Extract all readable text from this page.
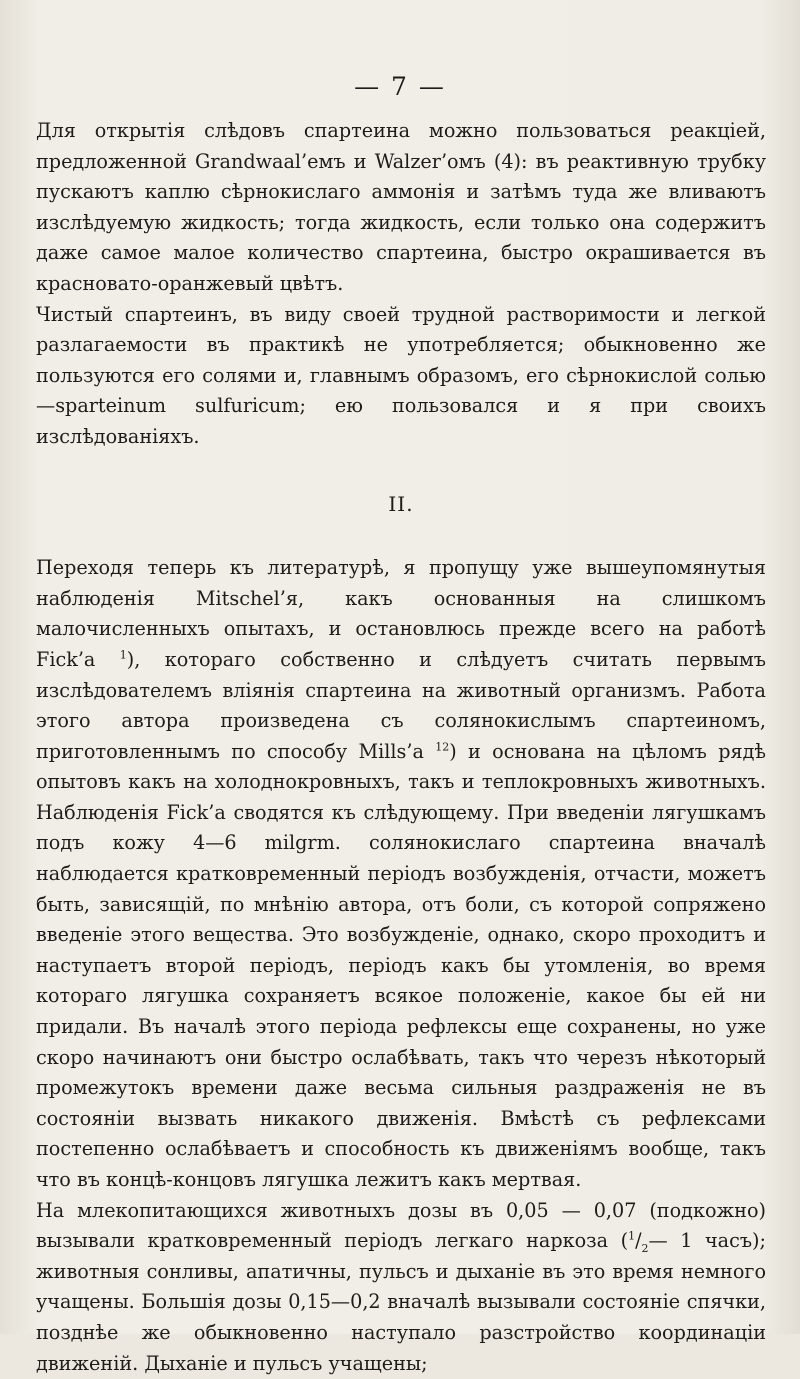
— 7 —

Для открытія слѣдовъ спартеина можно пользоваться реакціей, предложенной Grandwaal’емъ и Walzer’омъ (4): въ реактивную трубку пускаютъ каплю сѣрнокислаго аммонія и затѣмъ туда же вливаютъ изслѣдуемую жидкость; тогда жидкость, если только она содержитъ даже самое малое количество спартеина, быстро окрашивается въ красновато-оранжевый цвѣтъ.

Чистый спартеинъ, въ виду своей трудной растворимости и легкой разлагаемости въ практикѣ не употребляется; обыкновенно же пользуются его солями и, главнымъ образомъ, его сѣрнокислой солью—spartеinum sulfuricum; ею пользовался и я при своихъ изслѣдованіяхъ.

II.

Переходя теперь къ литературѣ, я пропущу уже вышеупомянутыя наблюденія Mitschel’я, какъ основанныя на слишкомъ малочисленныхъ опытахъ, и остановлюсь прежде всего на работѣ Fick’a $^1$), котораго собственно и слѣдуетъ считать первымъ изслѣдователемъ вліянія спартеина на животный организмъ. Работа этого автора произведена съ солянокислымъ спартеиномъ, приготовленнымъ по способу Mills’a $^{12}$) и основана на цѣломъ рядѣ опытовъ какъ на холоднокровныхъ, такъ и теплокровныхъ животныхъ. Наблюденія Fick’a сводятся къ слѣдующему. При введеніи лягушкамъ подъ кожу 4—6 milgrm. солянокислаго спартеина вначалѣ наблюдается кратковременный періодъ возбужденія, отчасти, можетъ быть, зависящій, по мнѣнію автора, отъ боли, съ которой сопряжено введеніе этого вещества. Это возбужденіе, однако, скоро проходитъ и наступаетъ второй періодъ, періодъ какъ бы утомленія, во время котораго лягушка сохраняетъ всякое положеніе, какое бы ей ни придали. Въ началѣ этого періода рефлексы еще сохранены, но уже скоро начинаютъ они быстро ослабѣвать, такъ что черезъ нѣкоторый промежутокъ времени даже весьма сильныя раздраженія не въ состояніи вызвать никакого движенія. Вмѣстѣ съ рефлексами постепенно ослабѣваетъ и способность къ движеніямъ вообще, такъ что въ концѣ-концовъ лягушка лежитъ какъ мертвая.

На млекопитающихся животныхъ дозы въ 0,05 — 0,07 (подкожно) вызывали кратковременный періодъ легкаго наркоза ($^1/_2—$ 1 часъ); животныя сонливы, апатичны, пульсъ и дыханіе въ это время немного учащены. Большія дозы 0,15—0,2 вначалѣ вызывали состояніе спячки, позднѣе же обыкновенно наступало разстройство координаціи движеній. Дыханіе и пульсъ учащены;
